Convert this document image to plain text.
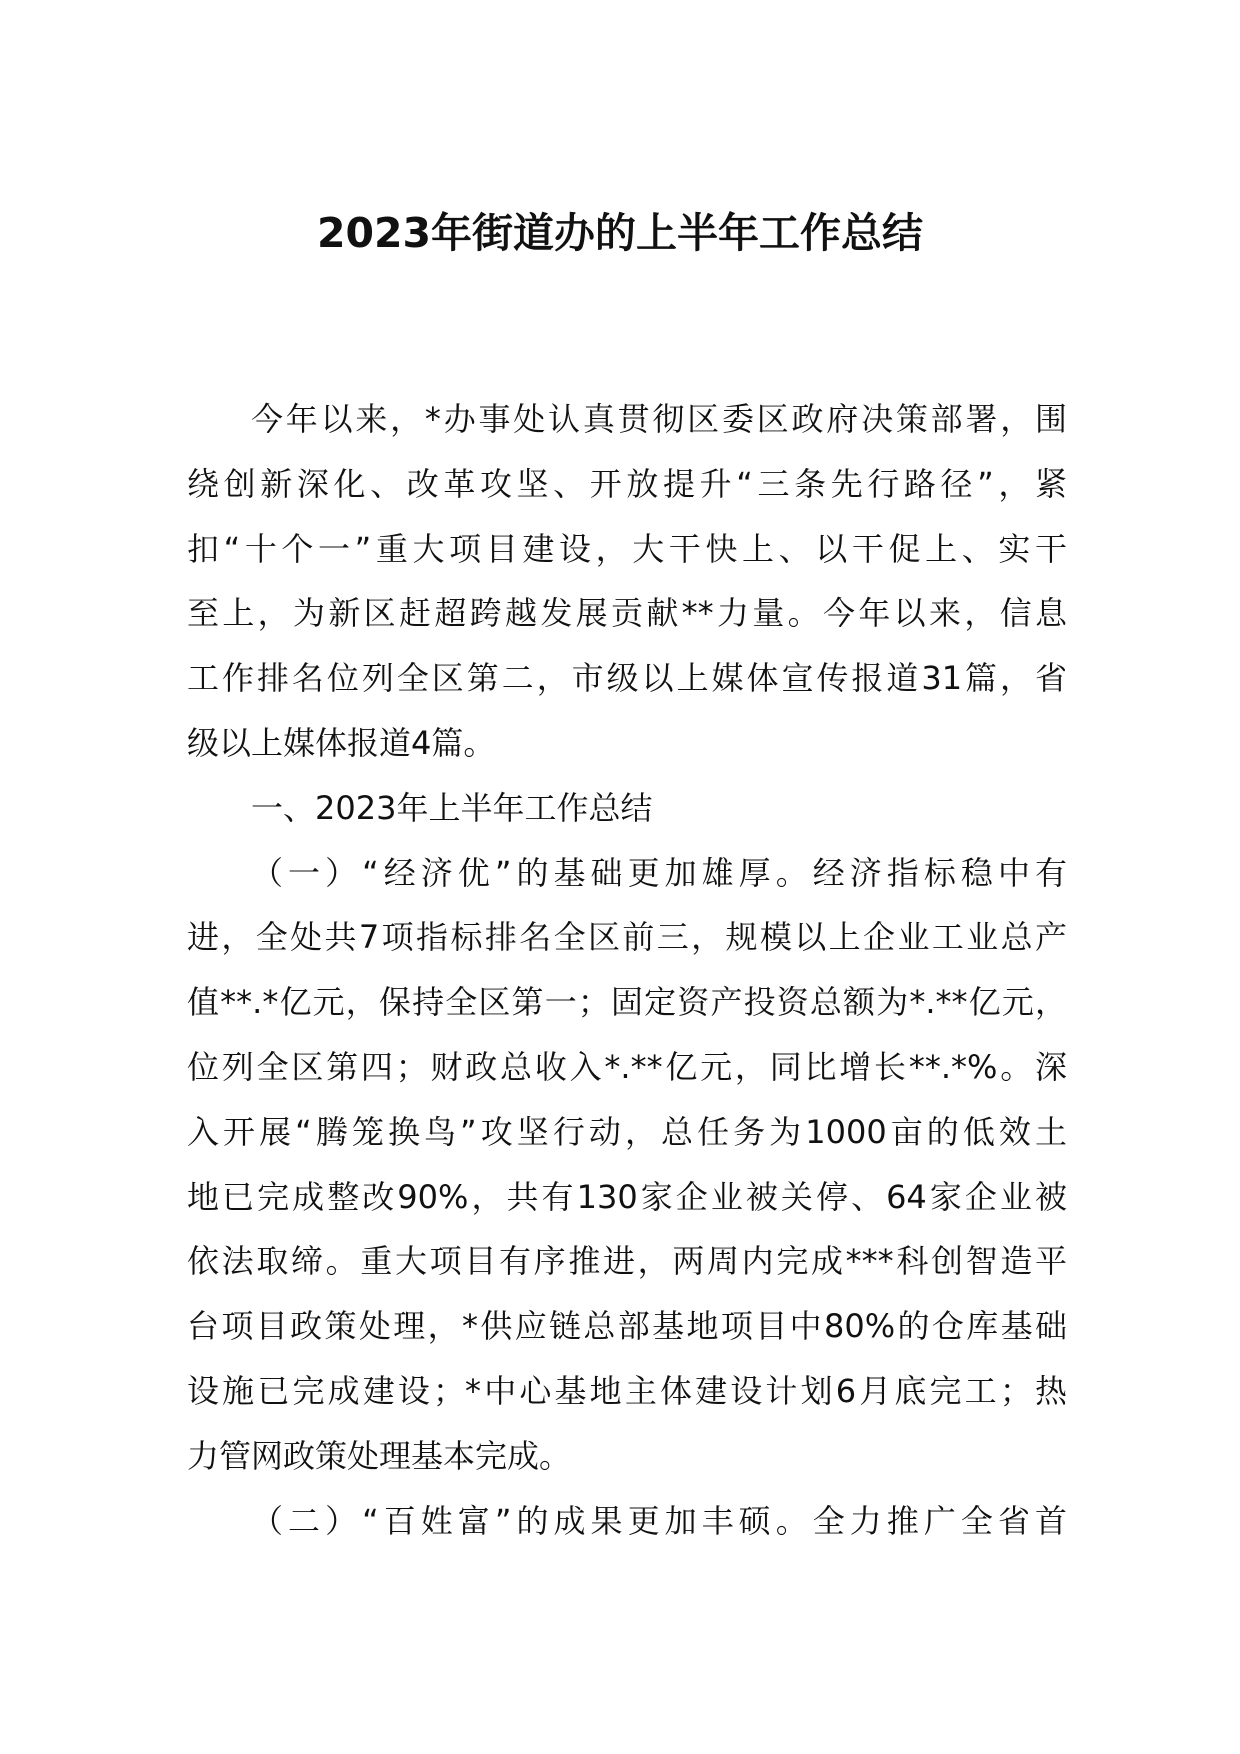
2023年街道办的上半年工作总结
今年以来，*办事处认真贯彻区委区政府决策部署，围
绕创新深化、改革攻坚、开放提升“三条先行路径”，紧
扣“十个一”重大项目建设，大干快上、以干促上、实干
至上，为新区赶超跨越发展贡献**力量。今年以来，信息
工作排名位列全区第二，市级以上媒体宣传报道31篇，省
级以上媒体报道4篇。
一、2023年上半年工作总结
（一）“经济优”的基础更加雄厚。经济指标稳中有
进，全处共7项指标排名全区前三，规模以上企业工业总产
值**.*亿元，保持全区第一；固定资产投资总额为*.**亿元，
位列全区第四；财政总收入*.**亿元，同比增长**.*%。深
入开展“腾笼换鸟”攻坚行动，总任务为1000亩的低效土
地已完成整改90%，共有130家企业被关停、64家企业被
依法取缔。重大项目有序推进，两周内完成***科创智造平
台项目政策处理，*供应链总部基地项目中80%的仓库基础
设施已完成建设；*中心基地主体建设计划6月底完工；热
力管网政策处理基本完成。
（二）“百姓富”的成果更加丰硕。全力推广全省首
